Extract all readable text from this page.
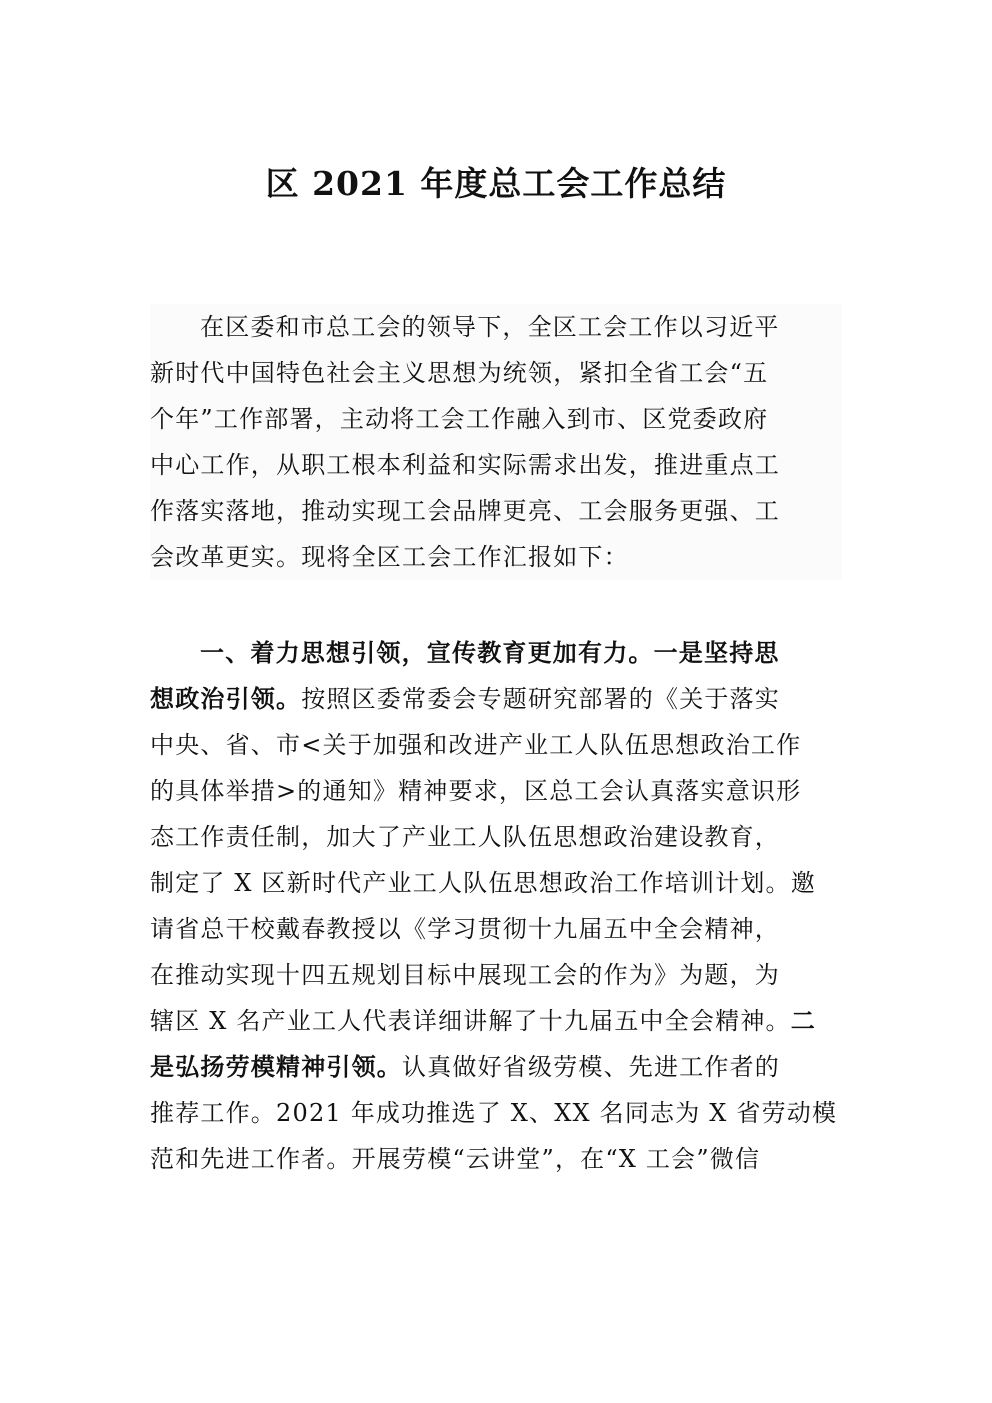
区 2021 年度总工会工作总结
在区委和市总工会的领导下，全区工会工作以习近平
新时代中国特色社会主义思想为统领，紧扣全省工会“五
个年”工作部署，主动将工会工作融入到市、区党委政府
中心工作，从职工根本利益和实际需求出发，推进重点工
作落实落地，推动实现工会品牌更亮、工会服务更强、工
会改革更实。现将全区工会工作汇报如下：
一、着力思想引领，宣传教育更加有力。一是坚持思
想政治引领。按照区委常委会专题研究部署的《关于落实
中央、省、市<关于加强和改进产业工人队伍思想政治工作
的具体举措>的通知》精神要求，区总工会认真落实意识形
态工作责任制，加大了产业工人队伍思想政治建设教育，
制定了 X 区新时代产业工人队伍思想政治工作培训计划。邀
请省总干校戴春教授以《学习贯彻十九届五中全会精神，
在推动实现十四五规划目标中展现工会的作为》为题，为
辖区 X 名产业工人代表详细讲解了十九届五中全会精神。二
是弘扬劳模精神引领。认真做好省级劳模、先进工作者的
推荐工作。2021 年成功推选了 X、XX 名同志为 X 省劳动模
范和先进工作者。开展劳模“云讲堂”，在“X 工会”微信
